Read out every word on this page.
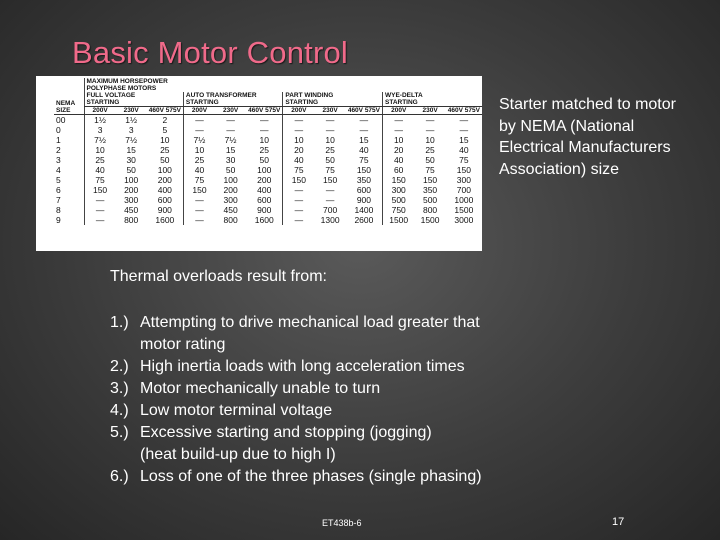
Basic Motor Control
NEMA
SIZE	MAXIMUM HORSEPOWER
POLYPHASE MOTORS											
	FULL VOLTAGE
STARTING			AUTO TRANSFORMER
STARTING			PART WINDING
STARTING			WYE-DELTA
STARTING		
	200V	230V	460V 575V	200V	230V	460V 575V	200V	230V	460V 575V	200V	230V	460V 575V
00	1½	1½	2	—	—	—	—	—	—	—	—	—
0	3	3	5	—	—	—	—	—	—	—	—	—
1	7½	7½	10	7½	7½	10	10	10	15	10	10	15
2	10	15	25	10	15	25	20	25	40	20	25	40
3	25	30	50	25	30	50	40	50	75	40	50	75
4	40	50	100	40	50	100	75	75	150	60	75	150
5	75	100	200	75	100	200	150	150	350	150	150	300
6	150	200	400	150	200	400	—	—	600	300	350	700
7	—	300	600	—	300	600	—	—	900	500	500	1000
8	—	450	900	—	450	900	—	700	1400	750	800	1500
9	—	800	1600	—	800	1600	—	1300	2600	1500	1500	3000
Starter matched to motor by NEMA (National Electrical Manufacturers Association) size
Thermal overloads result from:
1.) Attempting to drive mechanical load greater that
motor rating
2.) High inertia loads with long acceleration times
3.) Motor mechanically unable to turn
4.) Low motor terminal voltage
5.) Excessive starting and stopping (jogging)
(heat build-up due to high I)
6.) Loss of one of the three phases (single phasing)
ET438b-6	17
